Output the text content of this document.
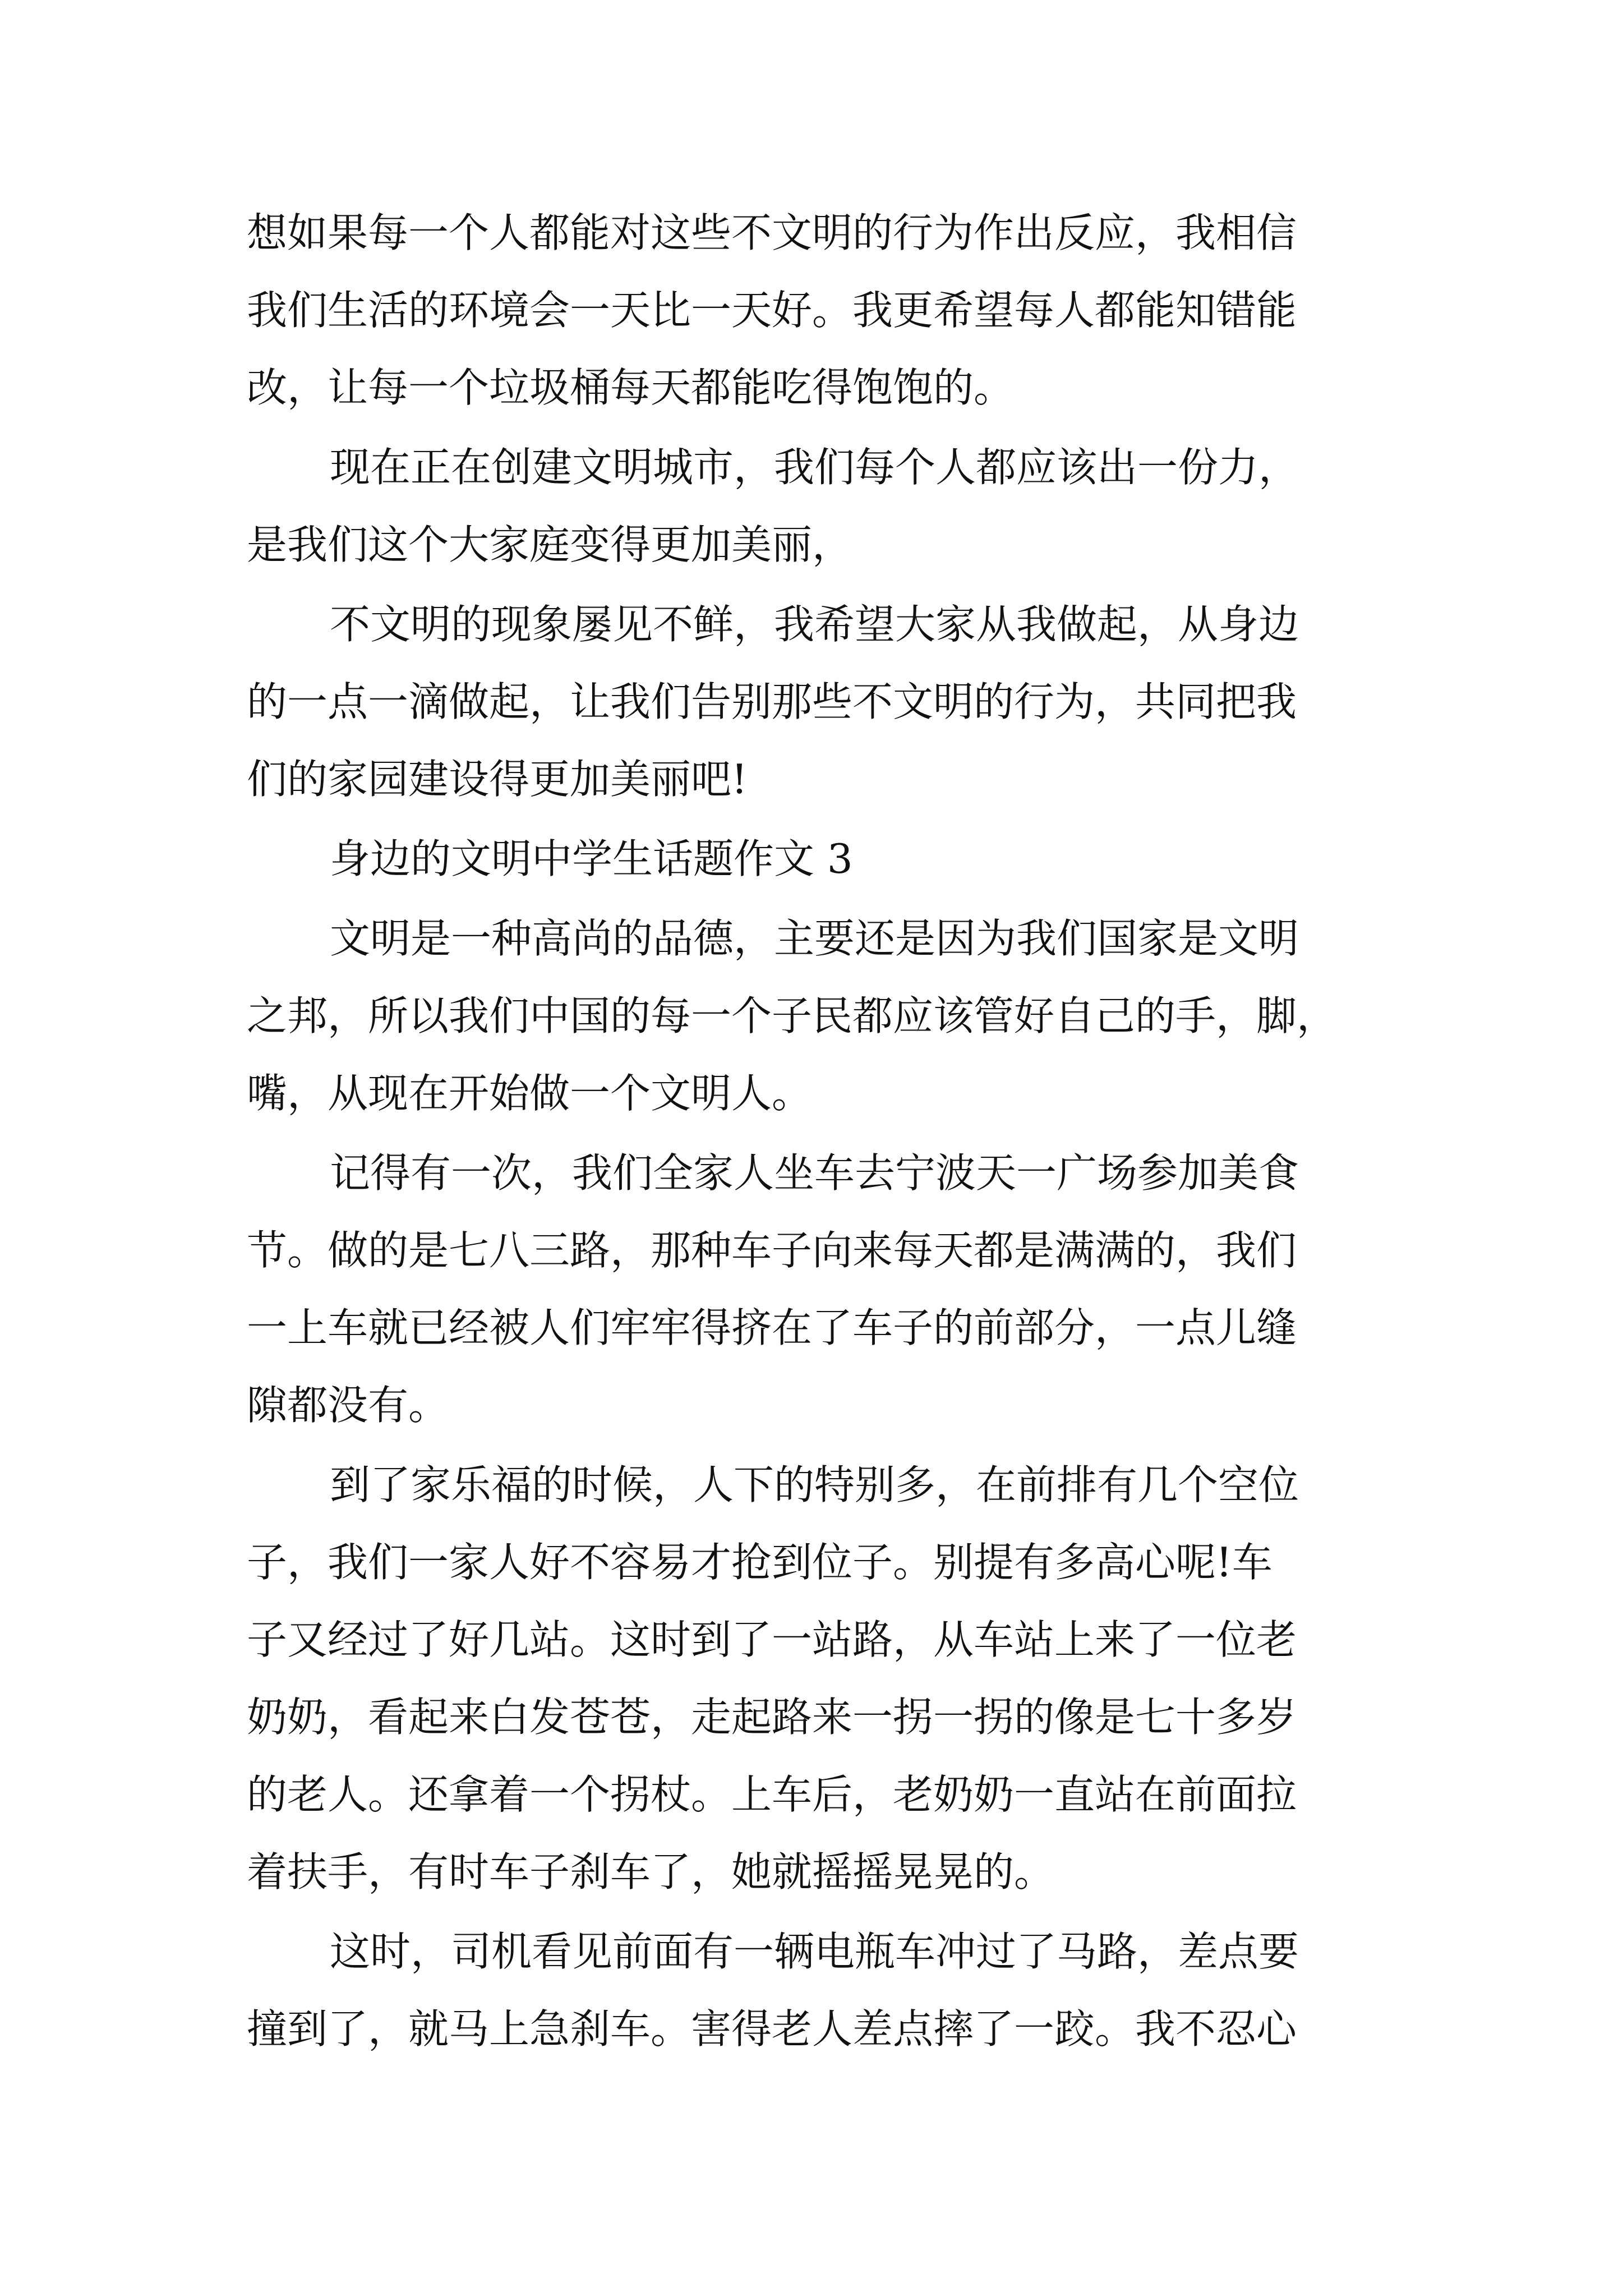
想如果每一个人都能对这些不文明的行为作出反应，我相信
我们生活的环境会一天比一天好。我更希望每人都能知错能
改，让每一个垃圾桶每天都能吃得饱饱的。
现在正在创建文明城市，我们每个人都应该出一份力，
是我们这个大家庭变得更加美丽，
不文明的现象屡见不鲜，我希望大家从我做起，从身边
的一点一滴做起，让我们告别那些不文明的行为，共同把我
们的家园建设得更加美丽吧!
身边的文明中学生话题作文 3
文明是一种高尚的品德，主要还是因为我们国家是文明
之邦，所以我们中国的每一个子民都应该管好自己的手，脚，
嘴，从现在开始做一个文明人。
记得有一次，我们全家人坐车去宁波天一广场参加美食
节。做的是七八三路，那种车子向来每天都是满满的，我们
一上车就已经被人们牢牢得挤在了车子的前部分，一点儿缝
隙都没有。
到了家乐福的时候，人下的特别多，在前排有几个空位
子，我们一家人好不容易才抢到位子。别提有多高心呢!车
子又经过了好几站。这时到了一站路，从车站上来了一位老
奶奶，看起来白发苍苍，走起路来一拐一拐的像是七十多岁
的老人。还拿着一个拐杖。上车后，老奶奶一直站在前面拉
着扶手，有时车子刹车了，她就摇摇晃晃的。
这时，司机看见前面有一辆电瓶车冲过了马路，差点要
撞到了，就马上急刹车。害得老人差点摔了一跤。我不忍心
